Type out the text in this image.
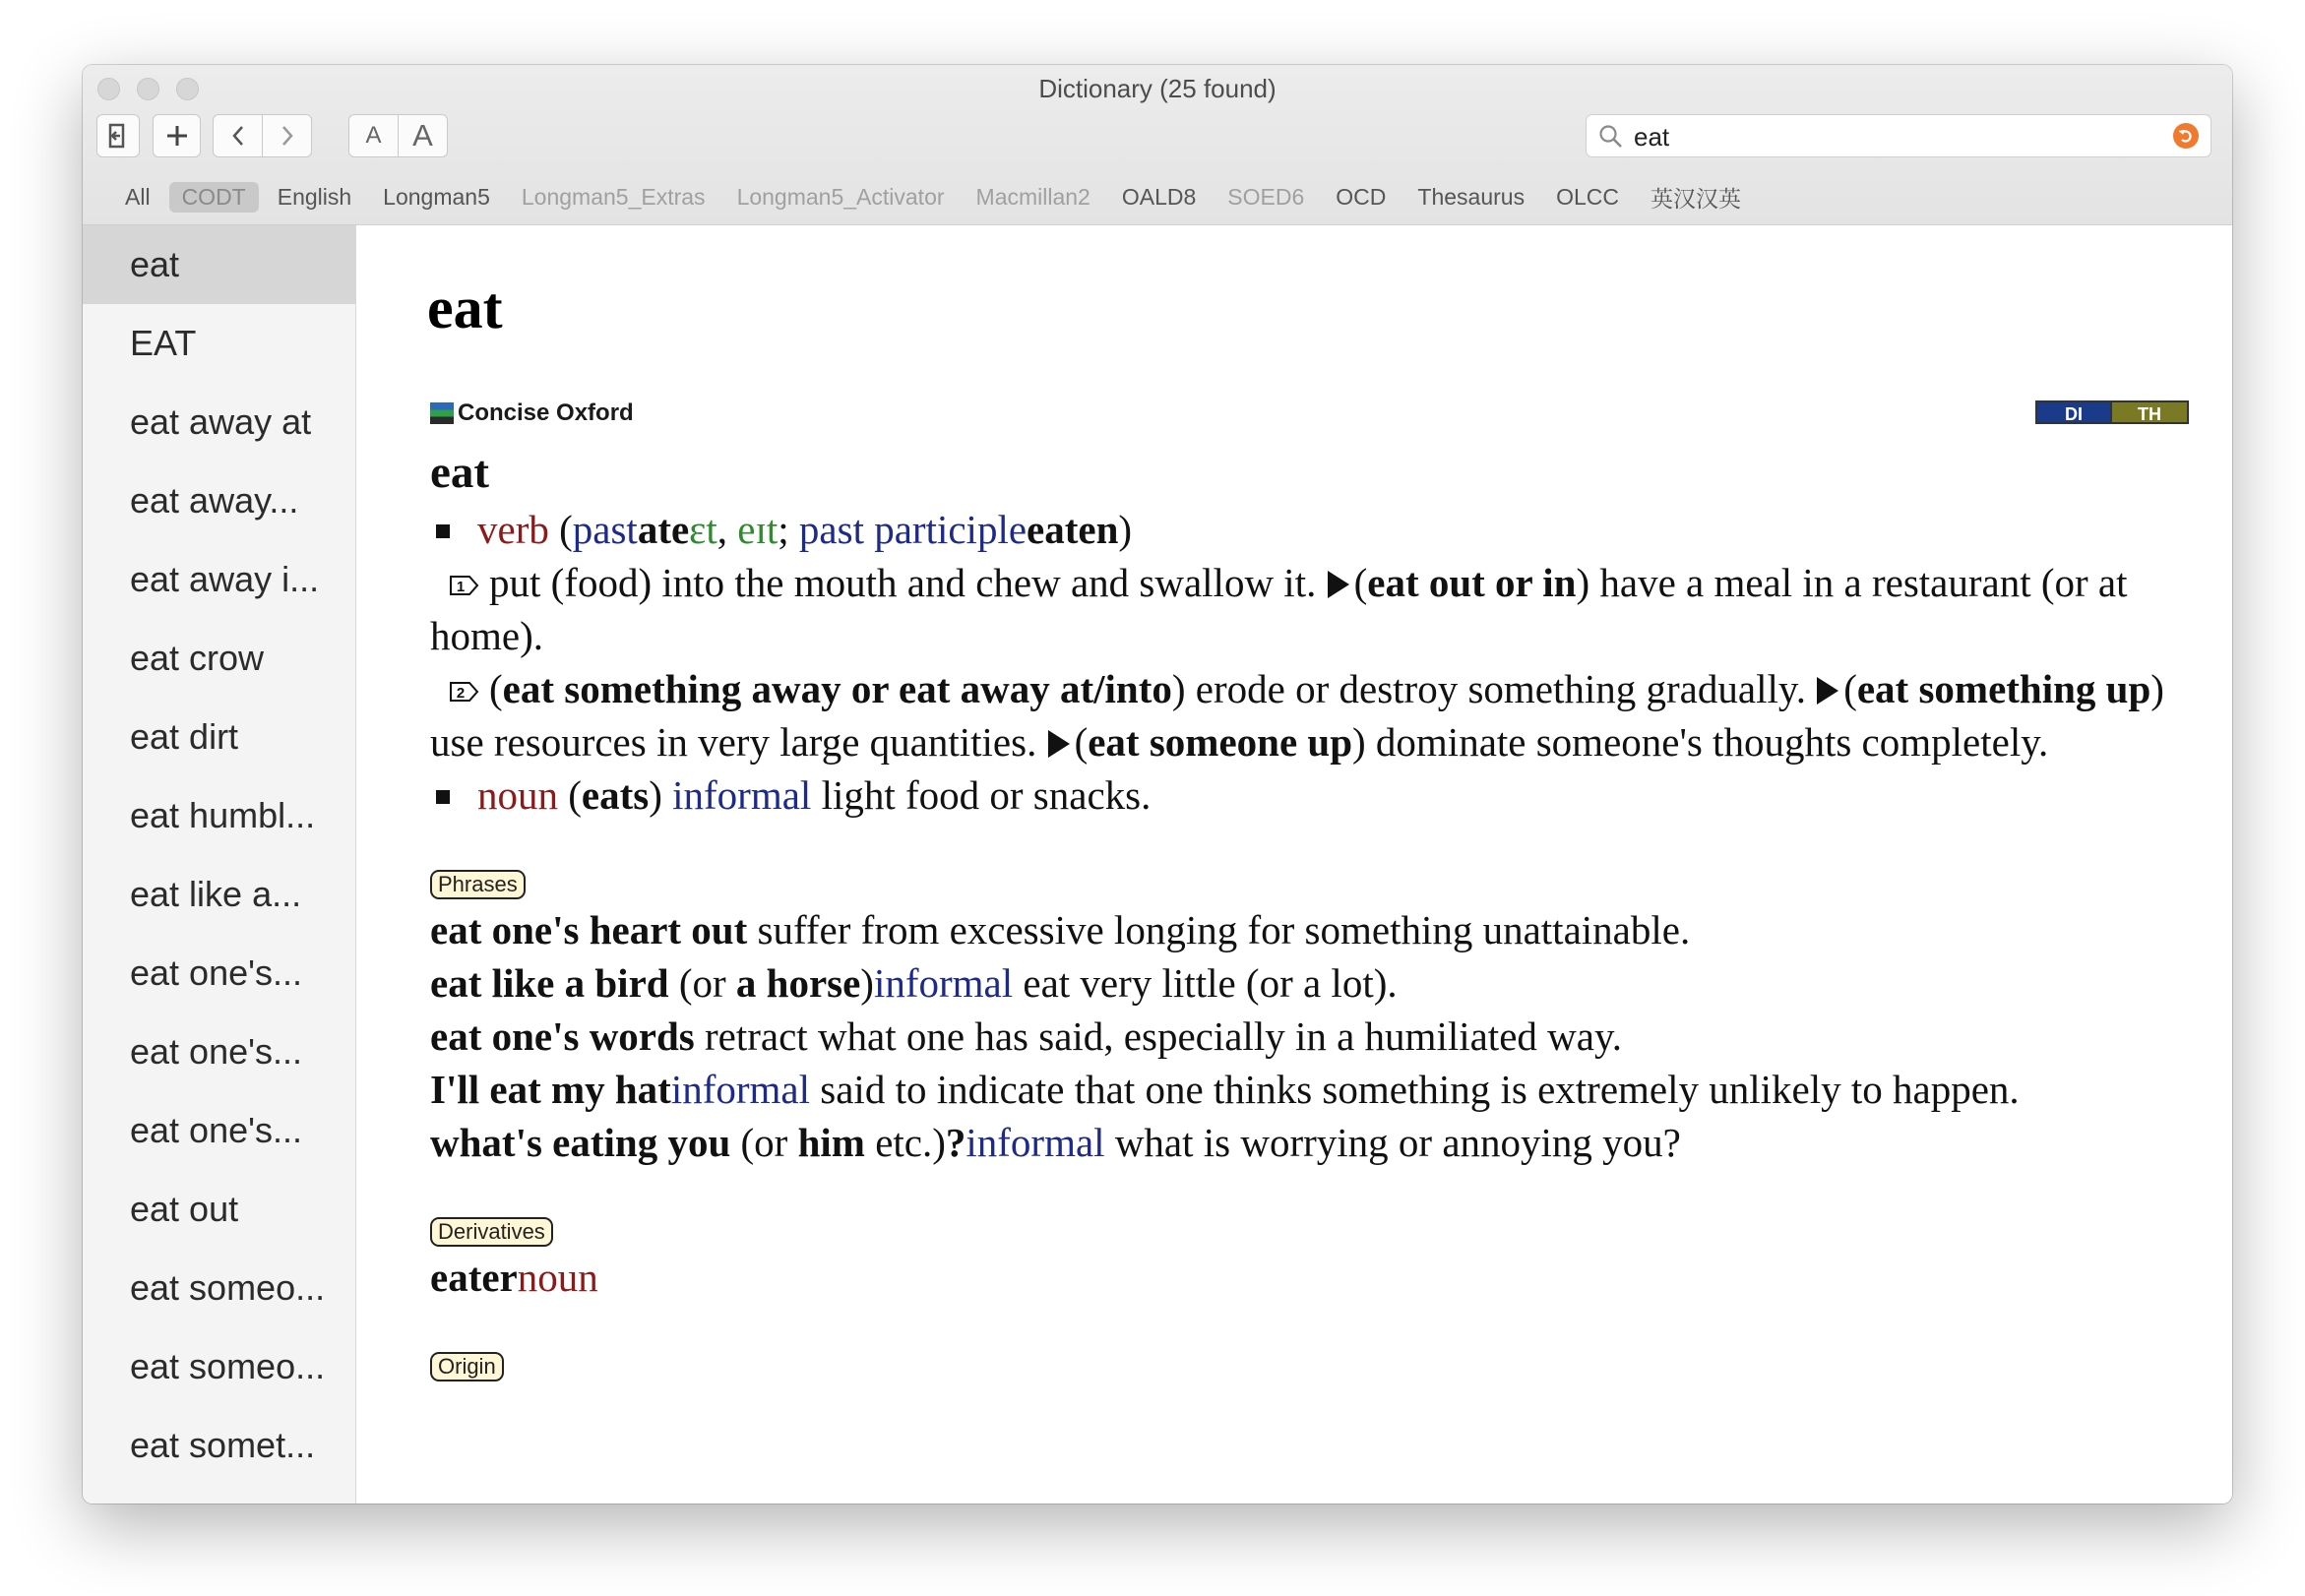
Dictionary (25 found)
A	A
eat
All	CODT	English	Longman5	Longman5_Extras	Longman5_Activator	Macmillan2	OALD8	SOED6	OCD	Thesaurus	OLCC	英汉汉英
eat
EAT
eat away at
eat away...
eat away i...
eat crow
eat dirt
eat humbl...
eat like a...
eat one's...
eat one's...
eat one's...
eat out
eat someo...
eat someo...
eat somet...
eat
Concise Oxford	DI	TH
eat
verb (pastateɛt, eɪt; past participleeaten)
1 put (food) into the mouth and chew and swallow it. (eat out or in) have a meal in a restaurant (or at home).
2 (eat something away or eat away at/into) erode or destroy something gradually. (eat something up) use resources in very large quantities. (eat someone up) dominate someone's thoughts completely.
noun (eats) informal light food or snacks.
Phrases
eat one's heart out suffer from excessive longing for something unattainable.
eat like a bird (or a horse)informal eat very little (or a lot).
eat one's words retract what one has said, especially in a humiliated way.
I'll eat my hatinformal said to indicate that one thinks something is extremely unlikely to happen.
what's eating you (or him etc.)?informal what is worrying or annoying you?
Derivatives
eaternoun
Origin
